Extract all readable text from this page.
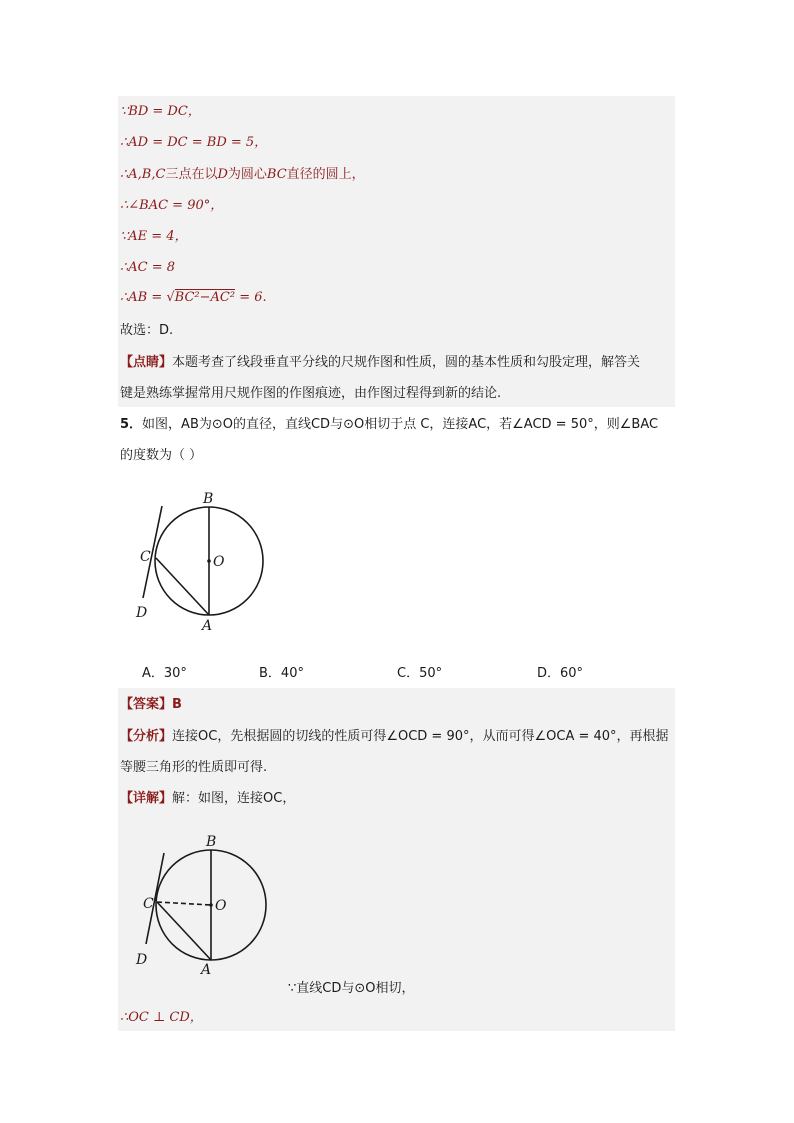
∵BD = DC，
∴AD = DC = BD = 5，
∴A,B,C三点在以D为圆心BC直径的圆上，
∴∠BAC = 90°，
∵AE = 4，
∴AC = 8
∴AB = √BC²−AC² = 6.
故选：D.
【点睛】本题考查了线段垂直平分线的尺规作图和性质，圆的基本性质和勾股定理，解答关
键是熟练掌握常用尺规作图的作图痕迹，由作图过程得到新的结论.
5．如图，AB为⊙O的直径，直线CD与⊙O相切于点 C，连接AC，若∠ACD = 50°，则∠BAC
的度数为（ ）
B
C	O
D
A
A．30°	B．40°	C．50°	D．60°
【答案】B
【分析】连接OC，先根据圆的切线的性质可得∠OCD = 90°，从而可得∠OCA = 40°，再根据
等腰三角形的性质即可得.
【详解】解：如图，连接OC，
B
C	O
D
A
∵直线CD与⊙O相切，
∴OC ⊥ CD，
